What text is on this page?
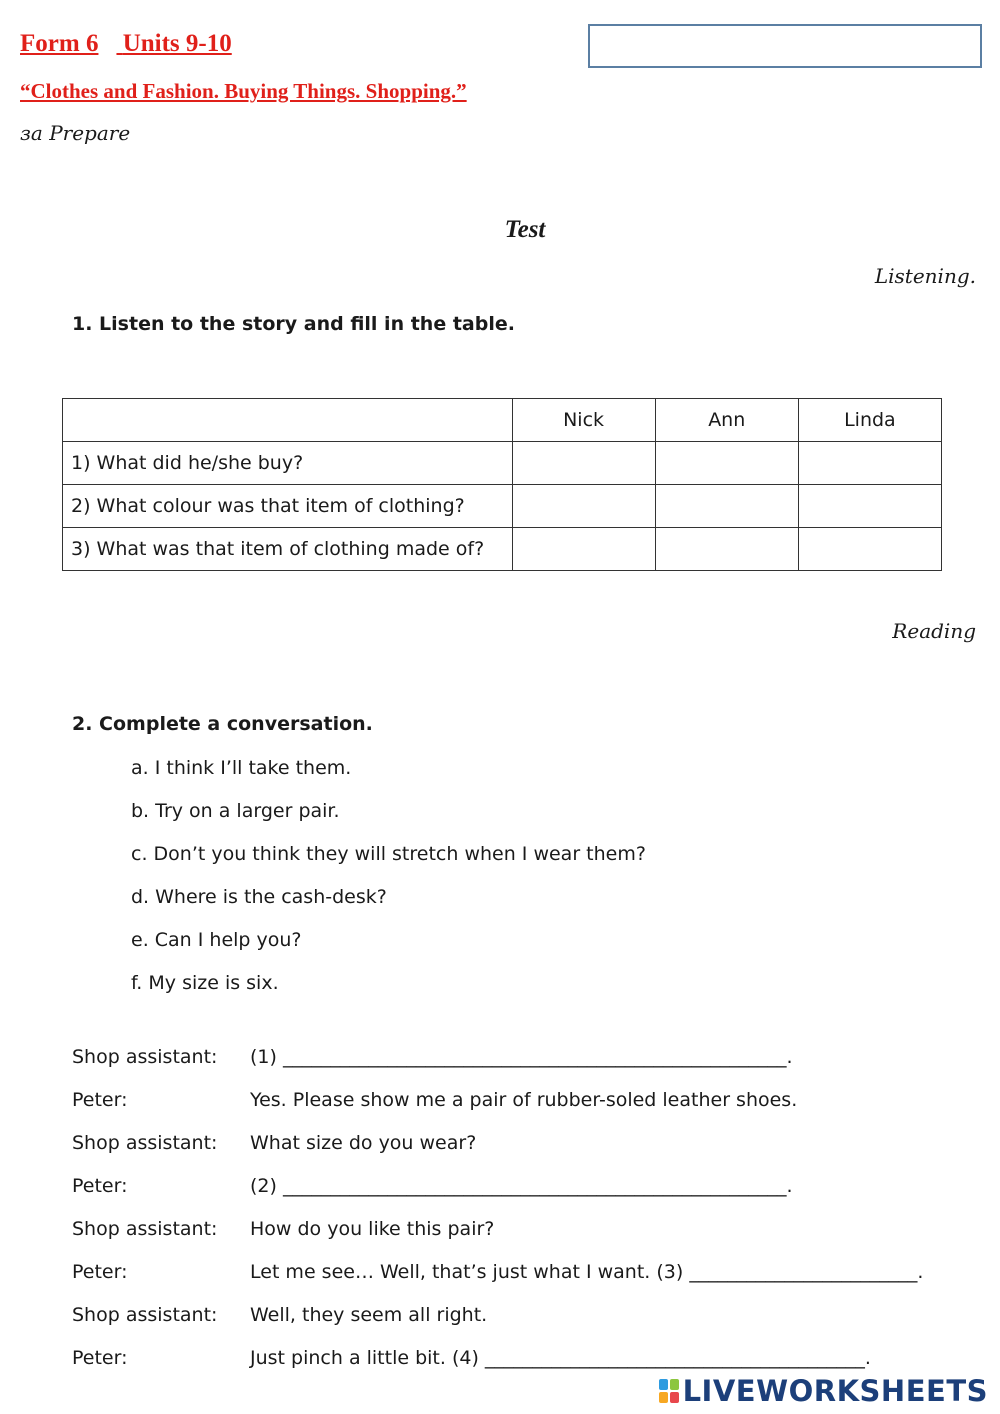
Form 6 Units 9-10
“Clothes and Fashion. Buying Things. Shopping.”
за Prepare
Test
Listening.
1. Listen to the story and fill in the table.
	Nick	Ann	Linda
1) What did he/she buy?			
2) What colour was that item of clothing?			
3) What was that item of clothing made of?			
Reading
2. Complete a conversation.
a. I think I’ll take them.
b. Try on a larger pair.
c. Don’t you think they will stretch when I wear them?
d. Where is the cash-desk?
e. Can I help you?
f. My size is six.
Shop assistant: (1) _____________________________________________________.
Peter:	Yes. Please show me a pair of rubber-soled leather shoes.
Shop assistant: What size do you wear?
Peter:	(2) _____________________________________________________.
Shop assistant: How do you like this pair?
Peter:	Let me see… Well, that’s just what I want. (3) ________________________.
Shop assistant: Well, they seem all right.
Peter:	Just pinch a little bit. (4) ________________________________________.
LIVEWORKSHEETS
